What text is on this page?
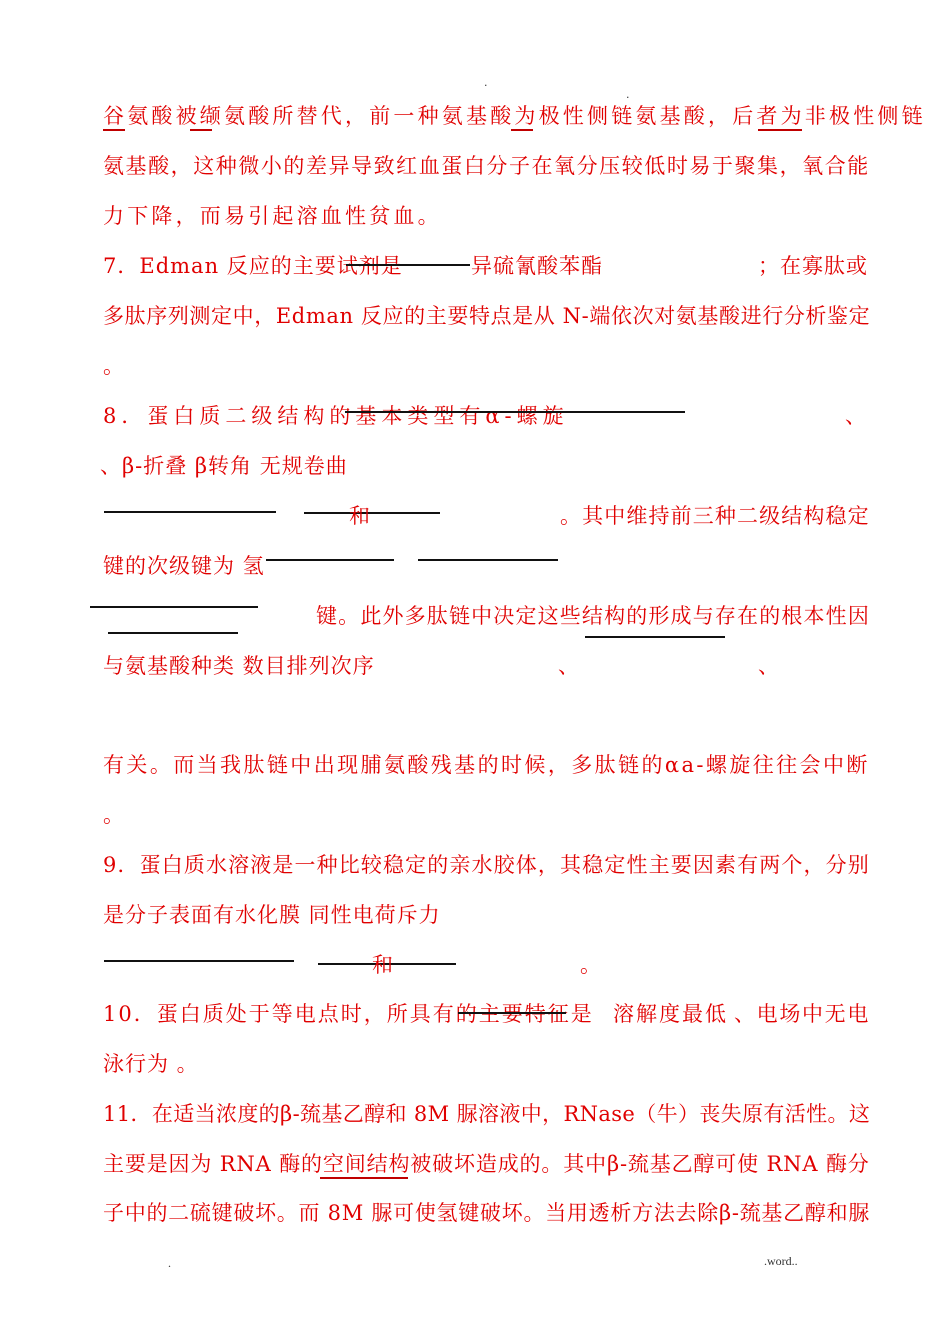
.
.
谷氨酸被缬氨酸所替代，前一种氨基酸为极性侧链氨基酸，后者为非极性侧链
氨基酸，这种微小的差异导致红血蛋白分子在氧分压较低时易于聚集，氧合能
力下降，而易引起溶血性贫血。
7．Edman 反应的主要试剂是	异硫氰酸苯酯	；在寡肽或
多肽序列测定中，Edman 反应的主要特点是从 N-端依次对氨基酸进行分析鉴定
。
8．蛋白质二级结构的基本类型有α-螺旋	、
、β-折叠 β转角 无规卷曲
和	。其中维持前三种二级结构稳定
键的次级键为 氢
键。此外多肽链中决定这些结构的形成与存在的根本性因
与氨基酸种类 数目排列次序	、	、
有关。而当我肽链中出现脯氨酸残基的时候，多肽链的αa-螺旋往往会中断
。
9．蛋白质水溶液是一种比较稳定的亲水胶体，其稳定性主要因素有两个，分别
是分子表面有水化膜 同性电荷斥力
和	。
10．蛋白质处于等电点时，所具有的主要特征是 溶解度最低 、电场中无电
泳行为 。
11．在适当浓度的β-巯基乙醇和 8M 脲溶液中，RNase（牛）丧失原有活性。这
主要是因为 RNA 酶的空间结构被破坏造成的。其中β-巯基乙醇可使 RNA 酶分
子中的二硫键破坏。而 8M 脲可使氢键破坏。当用透析方法去除β-巯基乙醇和脲
.	.word..
